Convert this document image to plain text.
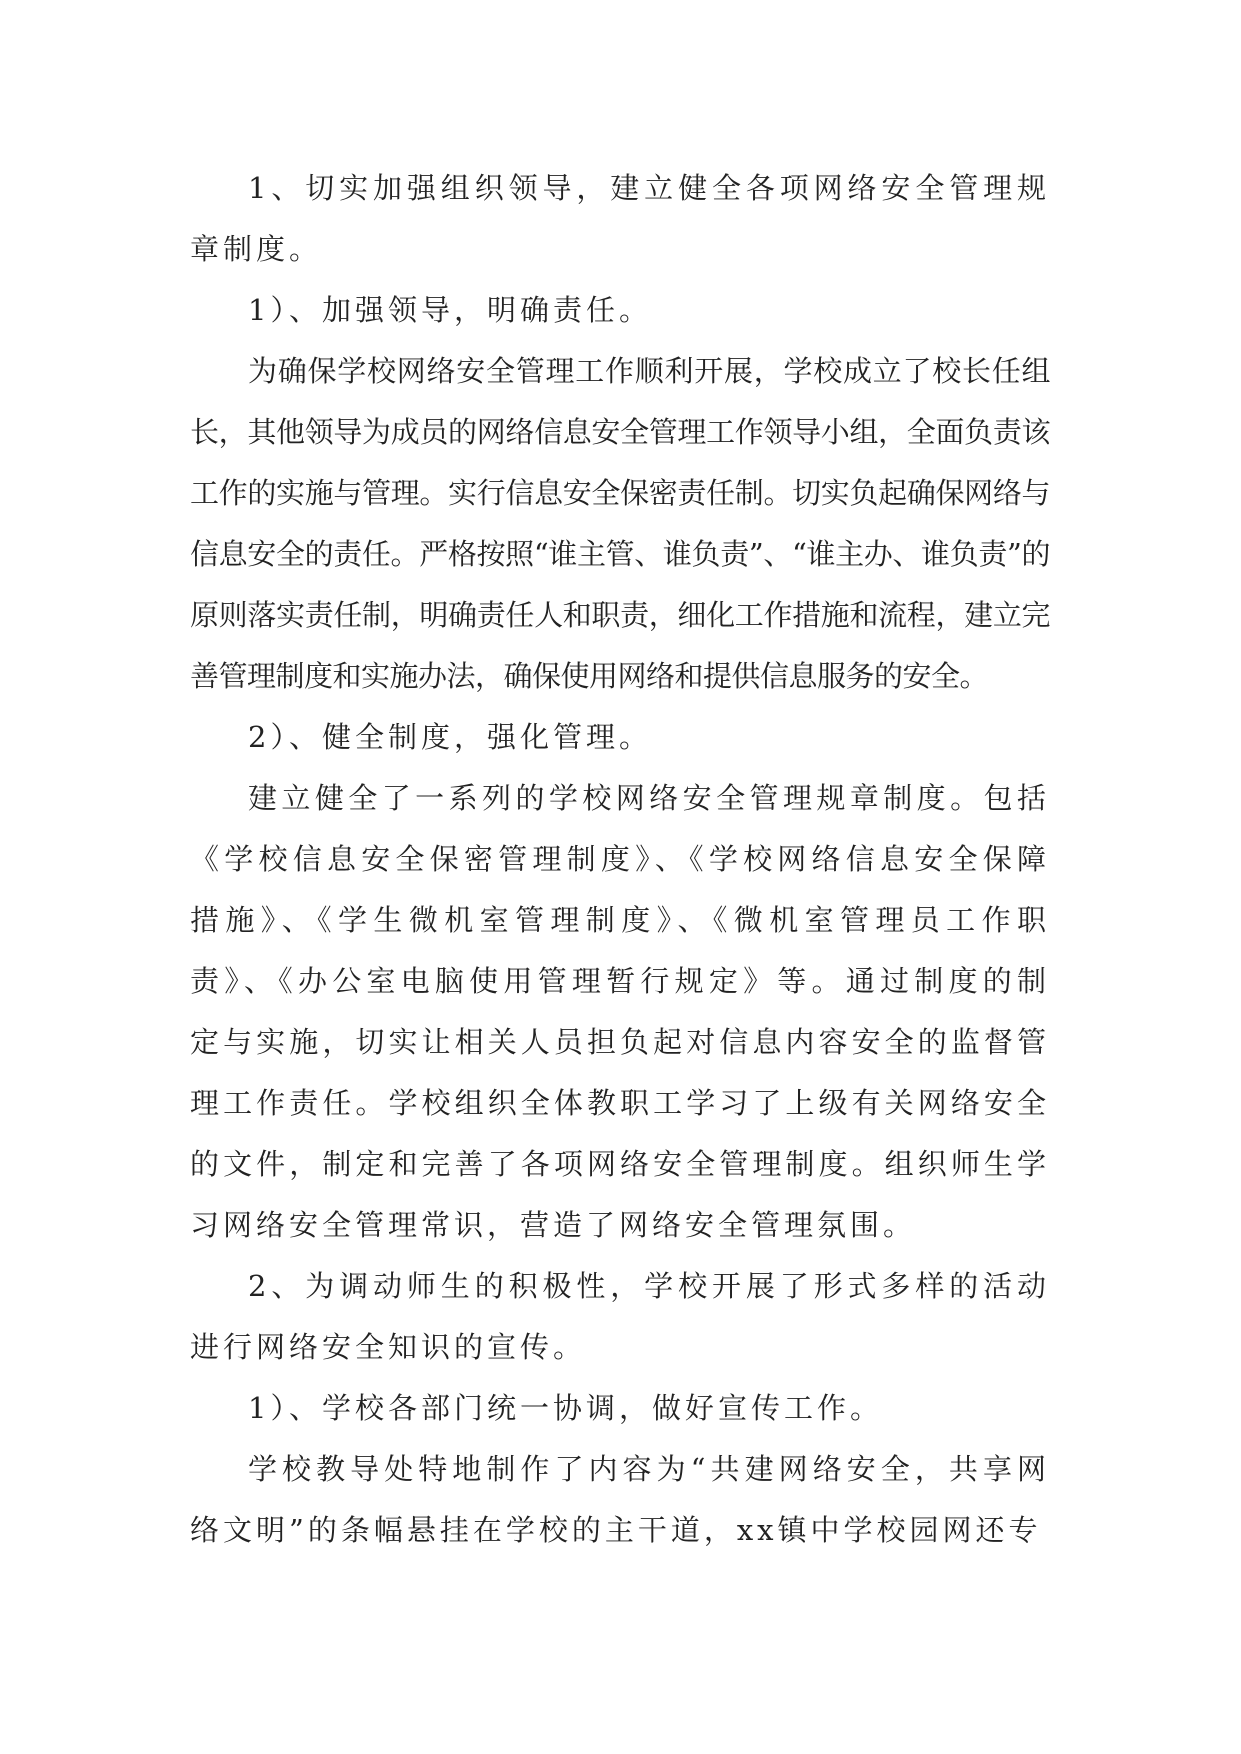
1、切实加强组织领导，建立健全各项网络安全管理规章制度。

1）、加强领导，明确责任。

为确保学校网络安全管理工作顺利开展，学校成立了校长任组长，其他领导为成员的网络信息安全管理工作领导小组，全面负责该工作的实施与管理。实行信息安全保密责任制。切实负起确保网络与信息安全的责任。严格按照“谁主管、谁负责”、“谁主办、谁负责”的原则落实责任制，明确责任人和职责，细化工作措施和流程，建立完善管理制度和实施办法，确保使用网络和提供信息服务的安全。

2）、健全制度，强化管理。

建立健全了一系列的学校网络安全管理规章制度。包括《学校信息安全保密管理制度》、《学校网络信息安全保障措施》、《学生微机室管理制度》、《微机室管理员工作职责》、《办公室电脑使用管理暂行规定》等。通过制度的制定与实施，切实让相关人员担负起对信息内容安全的监督管理工作责任。学校组织全体教职工学习了上级有关网络安全的文件，制定和完善了各项网络安全管理制度。组织师生学习网络安全管理常识，营造了网络安全管理氛围。

2、为调动师生的积极性，学校开展了形式多样的活动进行网络安全知识的宣传。

1）、学校各部门统一协调，做好宣传工作。

学校教导处特地制作了内容为“共建网络安全，共享网络文明”的条幅悬挂在学校的主干道，xx镇中学校园网还专
